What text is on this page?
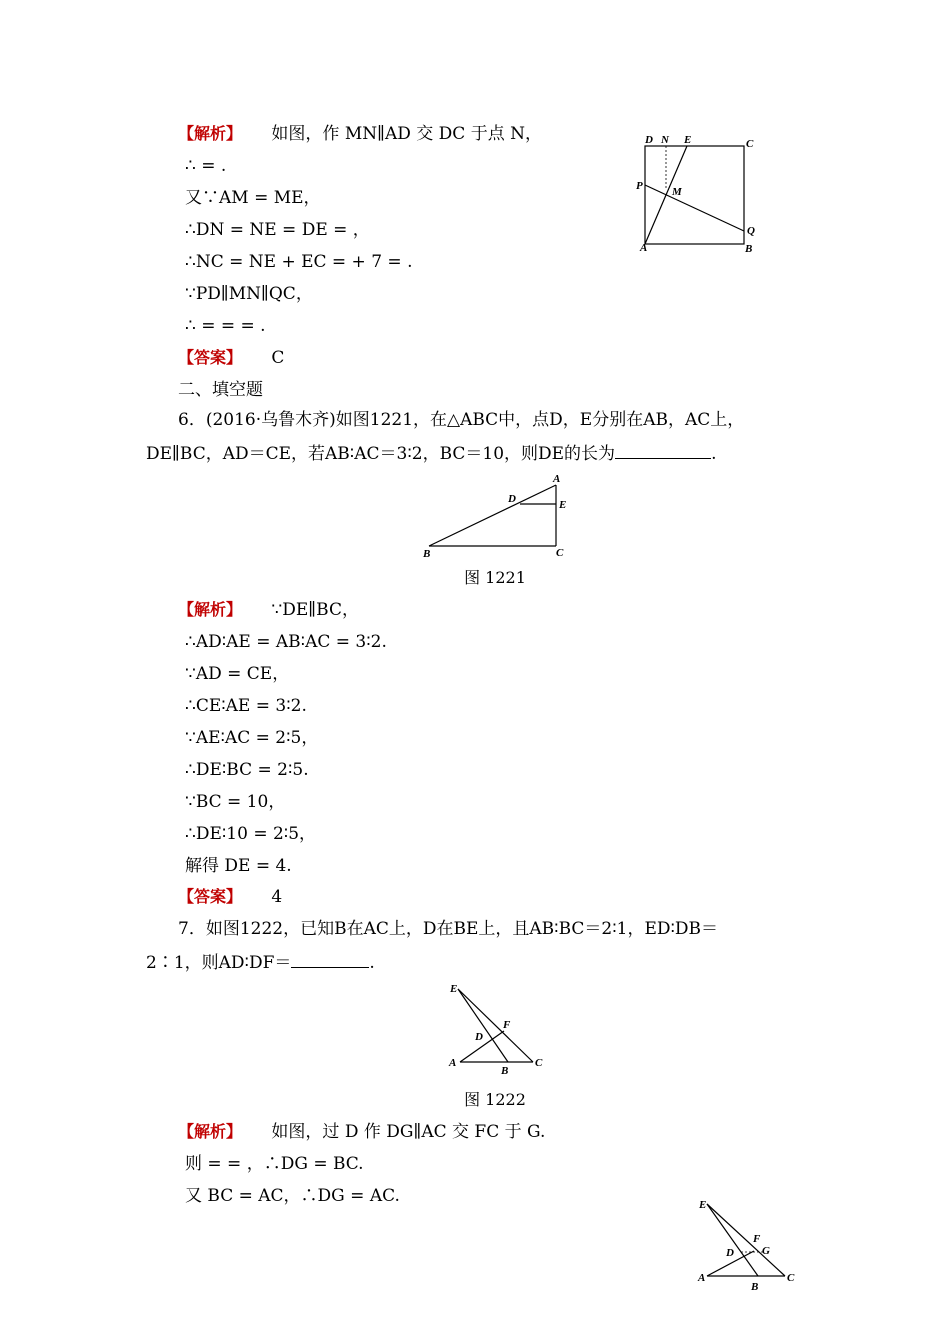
【解析】 如图，作 MN∥AD 交 DC 于点 N，
∴ = .
又∵AM = ME，
∴DN = NE = DE = ，
∴NC = NE + EC = + 7 = .
∵PD∥MN∥QC，
∴ = = = .
【答案】 C
D N E	C
P	M
A
Q
B
二、填空题
6．(2016·乌鲁木齐)如图1221，在△ABC中，点D，E分别在AB，AC上，
DE∥BC，AD＝CE，若AB∶AC＝3∶2，BC＝10，则DE的长为	.
A
D	E
B	C
图 1221
【解析】 ∵DE∥BC，
∴AD∶AE = AB∶AC = 3∶2.
∵AD = CE，
∴CE∶AE = 3∶2.
∵AE∶AC = 2∶5，
∴DE∶BC = 2∶5.
∵BC = 10，
∴DE∶10 = 2∶5，
解得 DE = 4.
【答案】 4
7．如图1222，已知B在AC上，D在BE上，且AB∶BC＝2∶1，ED∶DB＝
2∶1，则AD∶DF＝	.
E
F
D
A
B
C
图 1222
【解析】 如图，过 D 作 DG∥AC 交 FC 于 G.
则 = = ，∴DG = BC.
又 BC = AC，∴DG = AC.	E
F
G
D
A
B
C
